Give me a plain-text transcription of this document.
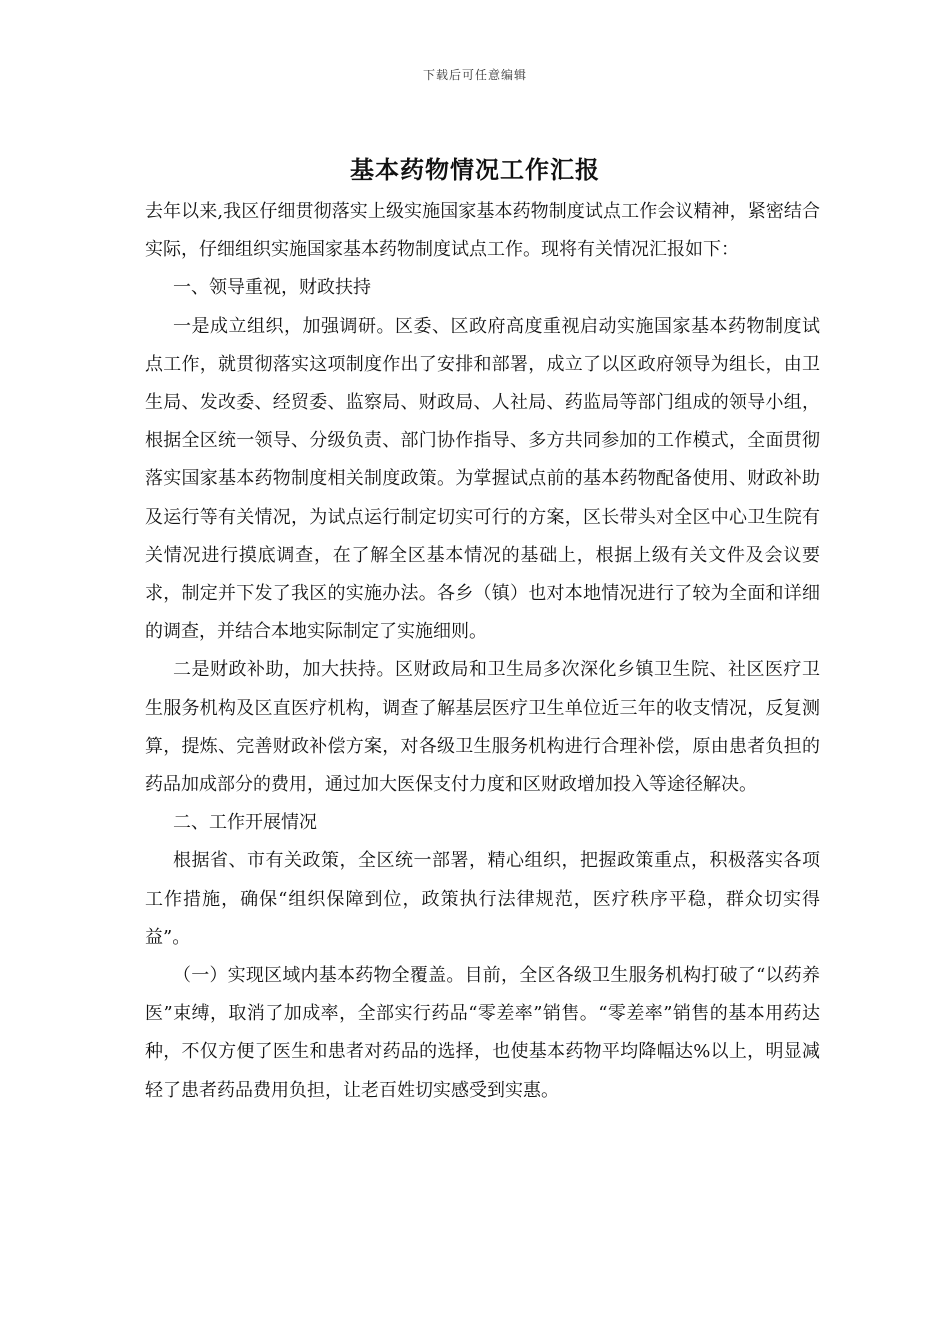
下载后可任意编辑
基本药物情况工作汇报

去年以来,我区仔细贯彻落实上级实施国家基本药物制度试点工作会议精神，紧密结合实际，仔细组织实施国家基本药物制度试点工作。现将有关情况汇报如下：

一、领导重视，财政扶持

一是成立组织，加强调研。区委、区政府高度重视启动实施国家基本药物制度试点工作，就贯彻落实这项制度作出了安排和部署，成立了以区政府领导为组长，由卫生局、发改委、经贸委、监察局、财政局、人社局、药监局等部门组成的领导小组，根据全区统一领导、分级负责、部门协作指导、多方共同参加的工作模式，全面贯彻落实国家基本药物制度相关制度政策。为掌握试点前的基本药物配备使用、财政补助及运行等有关情况，为试点运行制定切实可行的方案，区长带头对全区中心卫生院有关情况进行摸底调查，在了解全区基本情况的基础上，根据上级有关文件及会议要求，制定并下发了我区的实施办法。各乡（镇）也对本地情况进行了较为全面和详细的调查，并结合本地实际制定了实施细则。

二是财政补助，加大扶持。区财政局和卫生局多次深化乡镇卫生院、社区医疗卫生服务机构及区直医疗机构，调查了解基层医疗卫生单位近三年的收支情况，反复测算，提炼、完善财政补偿方案，对各级卫生服务机构进行合理补偿，原由患者负担的药品加成部分的费用，通过加大医保支付力度和区财政增加投入等途径解决。

二、工作开展情况

根据省、市有关政策，全区统一部署，精心组织，把握政策重点，积极落实各项工作措施，确保“组织保障到位，政策执行法律规范，医疗秩序平稳，群众切实得益”。

（一）实现区域内基本药物全覆盖。目前，全区各级卫生服务机构打破了“以药养医”束缚，取消了加成率，全部实行药品“零差率”销售。“零差率”销售的基本用药达种，不仅方便了医生和患者对药品的选择，也使基本药物平均降幅达%以上，明显减轻了患者药品费用负担，让老百姓切实感受到实惠。
